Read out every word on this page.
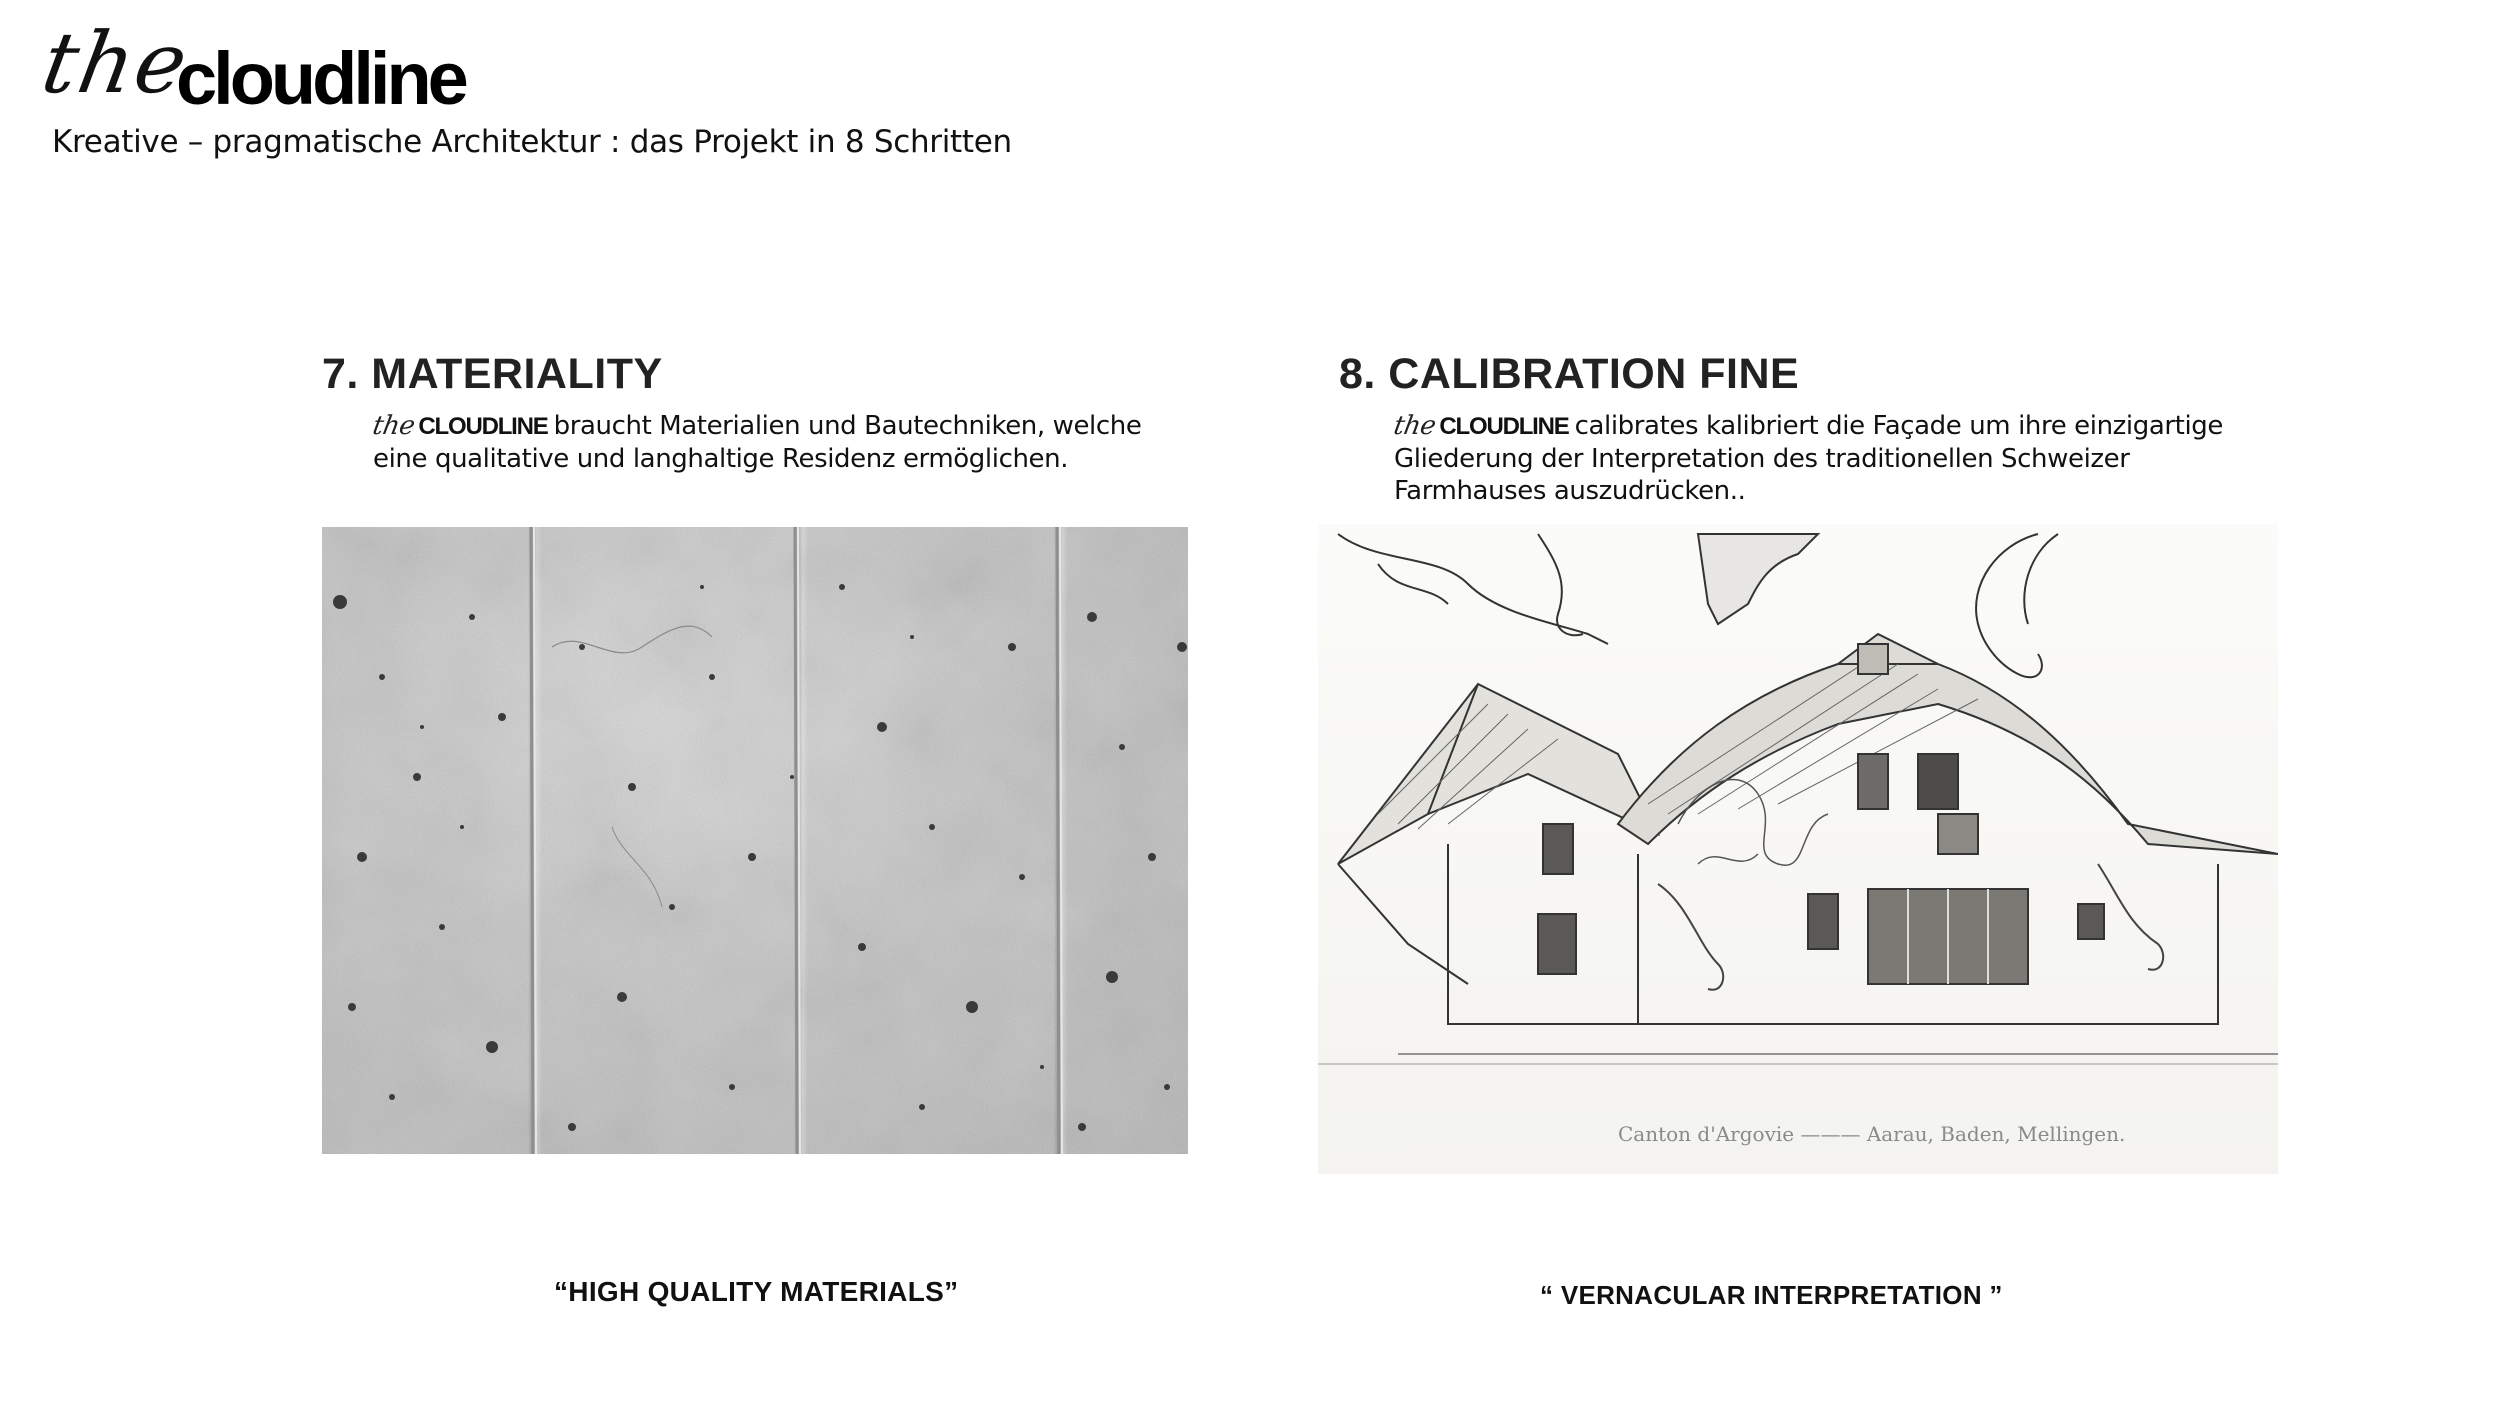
the
cloudline
Kreative – pragmatische Architektur : das Projekt in 8 Schritten
7. MATERIALITY
theCLOUDLINE braucht Materialien und Bautechniken, welche
eine qualitative und langhaltige Residenz ermöglichen.
8. CALIBRATION FINE
theCLOUDLINE calibrates kalibriert die Façade um ihre einzigartige
Gliederung der Interpretation des traditionellen Schweizer
Farmhauses auszudrücken..
Canton d'Argovie ——— Aarau, Baden, Mellingen.
“HIGH QUALITY MATERIALS”	“ VERNACULAR INTERPRETATION ”
